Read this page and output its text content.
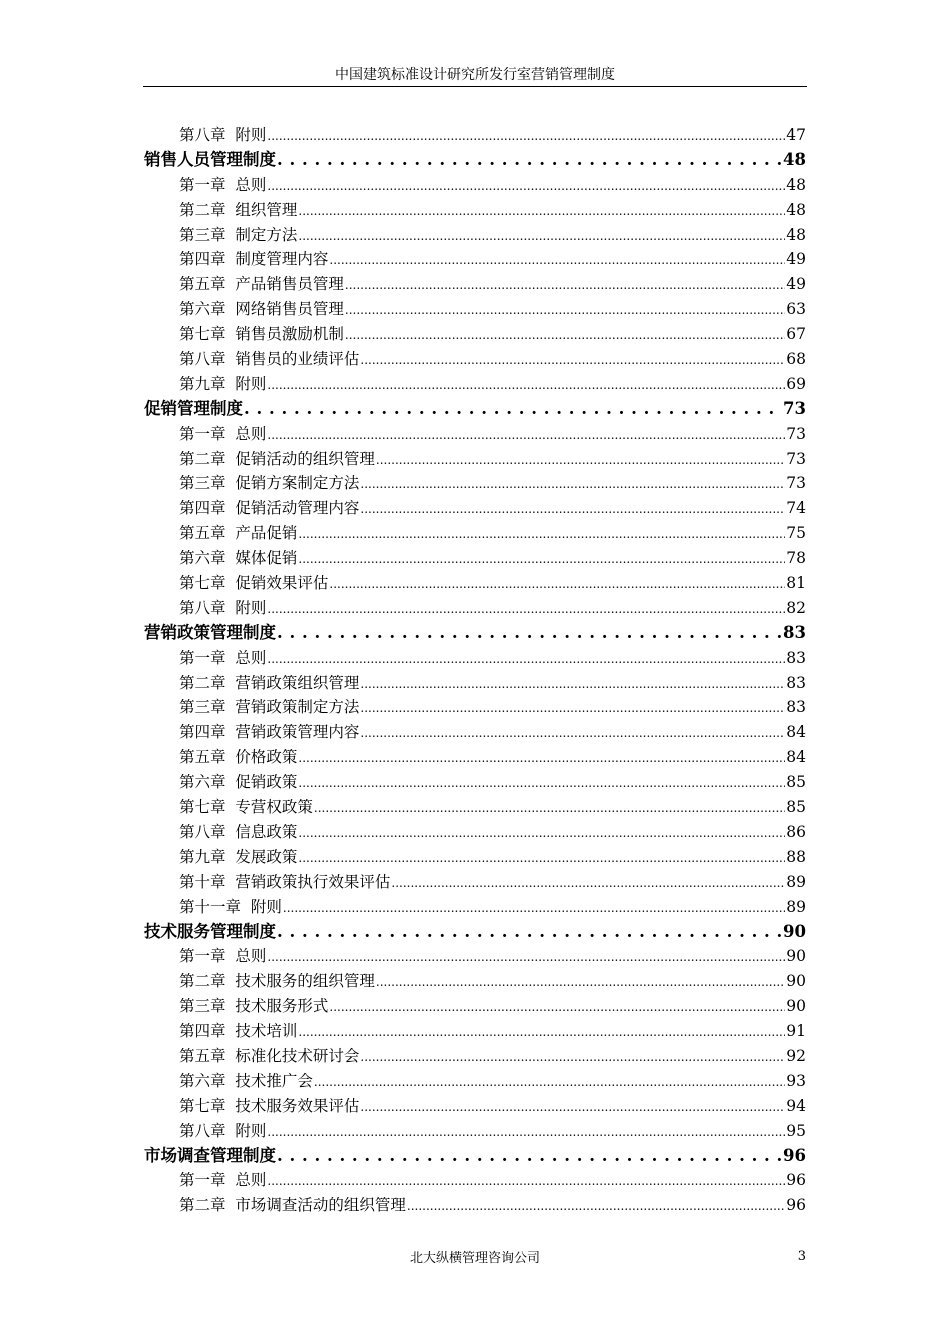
中国建筑标准设计研究所发行室营销管理制度
第八章 附则 .....	47
销售人员管理制度 . . .	48
第一章 总则 .....	48
第二章 组织管理 .....	48
第三章 制定方法 .....	48
第四章 制度管理内容 .....	49
第五章 产品销售员管理 .....	49
第六章 网络销售员管理 .....	63
第七章 销售员激励机制 .....	67
第八章 销售员的业绩评估 .....	68
第九章 附则 .....	69
促销管理制度 . . .	73
第一章 总则 .....	73
第二章 促销活动的组织管理 .....	73
第三章 促销方案制定方法 .....	73
第四章 促销活动管理内容 .....	74
第五章 产品促销 .....	75
第六章 媒体促销 .....	78
第七章 促销效果评估 .....	81
第八章 附则 .....	82
营销政策管理制度 . . .	83
第一章 总则 .....	83
第二章 营销政策组织管理 .....	83
第三章 营销政策制定方法 .....	83
第四章 营销政策管理内容 .....	84
第五章 价格政策 .....	84
第六章 促销政策 .....	85
第七章 专营权政策 .....	85
第八章 信息政策 .....	86
第九章 发展政策 .....	88
第十章 营销政策执行效果评估 .....	89
第十一章 附则 .....	89
技术服务管理制度 . . .	90
第一章 总则 .....	90
第二章 技术服务的组织管理 .....	90
第三章 技术服务形式 .....	90
第四章 技术培训 .....	91
第五章 标准化技术研讨会 .....	92
第六章 技术推广会 .....	93
第七章 技术服务效果评估 .....	94
第八章 附则 .....	95
市场调查管理制度 . . .	96
第一章 总则 .....	96
第二章 市场调查活动的组织管理 .....	96
北大纵横管理咨询公司	3
